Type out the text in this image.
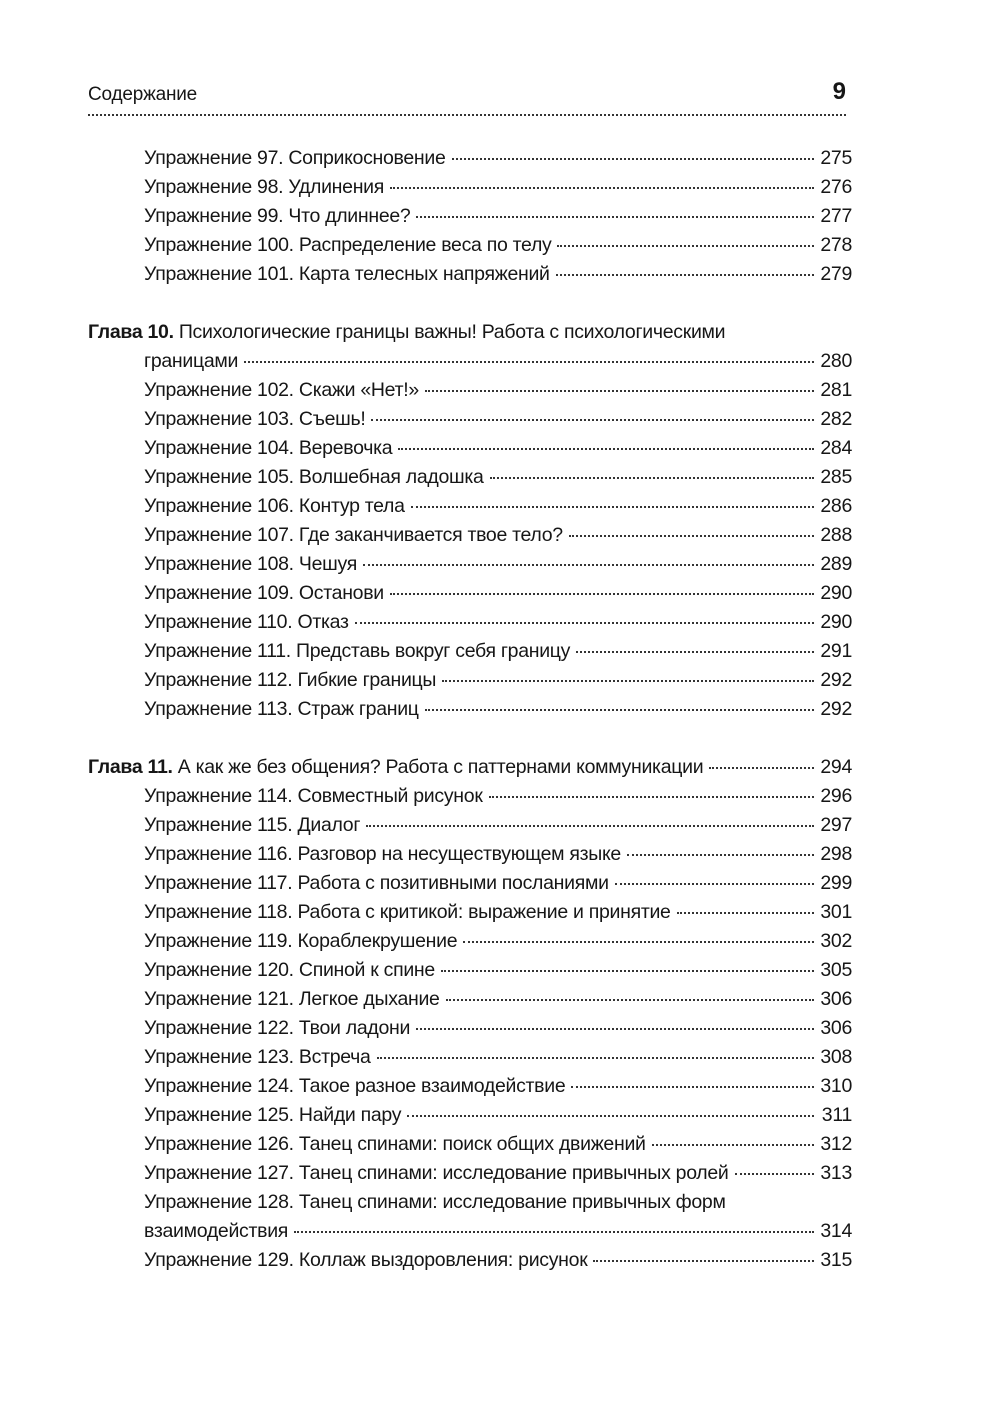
Содержание	9
Упражнение 97. Соприкосновение	275
Упражнение 98. Удлинения	276
Упражнение 99. Что длиннее?	277
Упражнение 100. Распределение веса по телу	278
Упражнение 101. Карта телесных напряжений	279
Глава 10. Психологические границы важны! Работа с психологическими
границами	280
Упражнение 102. Скажи «Нет!»	281
Упражнение 103. Съешь!	282
Упражнение 104. Веревочка	284
Упражнение 105. Волшебная ладошка	285
Упражнение 106. Контур тела	286
Упражнение 107. Где заканчивается твое тело?	288
Упражнение 108. Чешуя	289
Упражнение 109. Останови	290
Упражнение 110. Отказ	290
Упражнение 111. Представь вокруг себя границу	291
Упражнение 112. Гибкие границы	292
Упражнение 113. Страж границ	292
Глава 11. А как же без общения? Работа с паттернами коммуникации	294
Упражнение 114. Совместный рисунок	296
Упражнение 115. Диалог	297
Упражнение 116. Разговор на несуществующем языке	298
Упражнение 117. Работа с позитивными посланиями	299
Упражнение 118. Работа с критикой: выражение и принятие	301
Упражнение 119. Кораблекрушение	302
Упражнение 120. Спиной к спине	305
Упражнение 121. Легкое дыхание	306
Упражнение 122. Твои ладони	306
Упражнение 123. Встреча	308
Упражнение 124. Такое разное взаимодействие	310
Упражнение 125. Найди пару	311
Упражнение 126. Танец спинами: поиск общих движений	312
Упражнение 127. Танец спинами: исследование привычных ролей	313
Упражнение 128. Танец спинами: исследование привычных форм
взаимодействия	314
Упражнение 129. Коллаж выздоровления: рисунок	315
